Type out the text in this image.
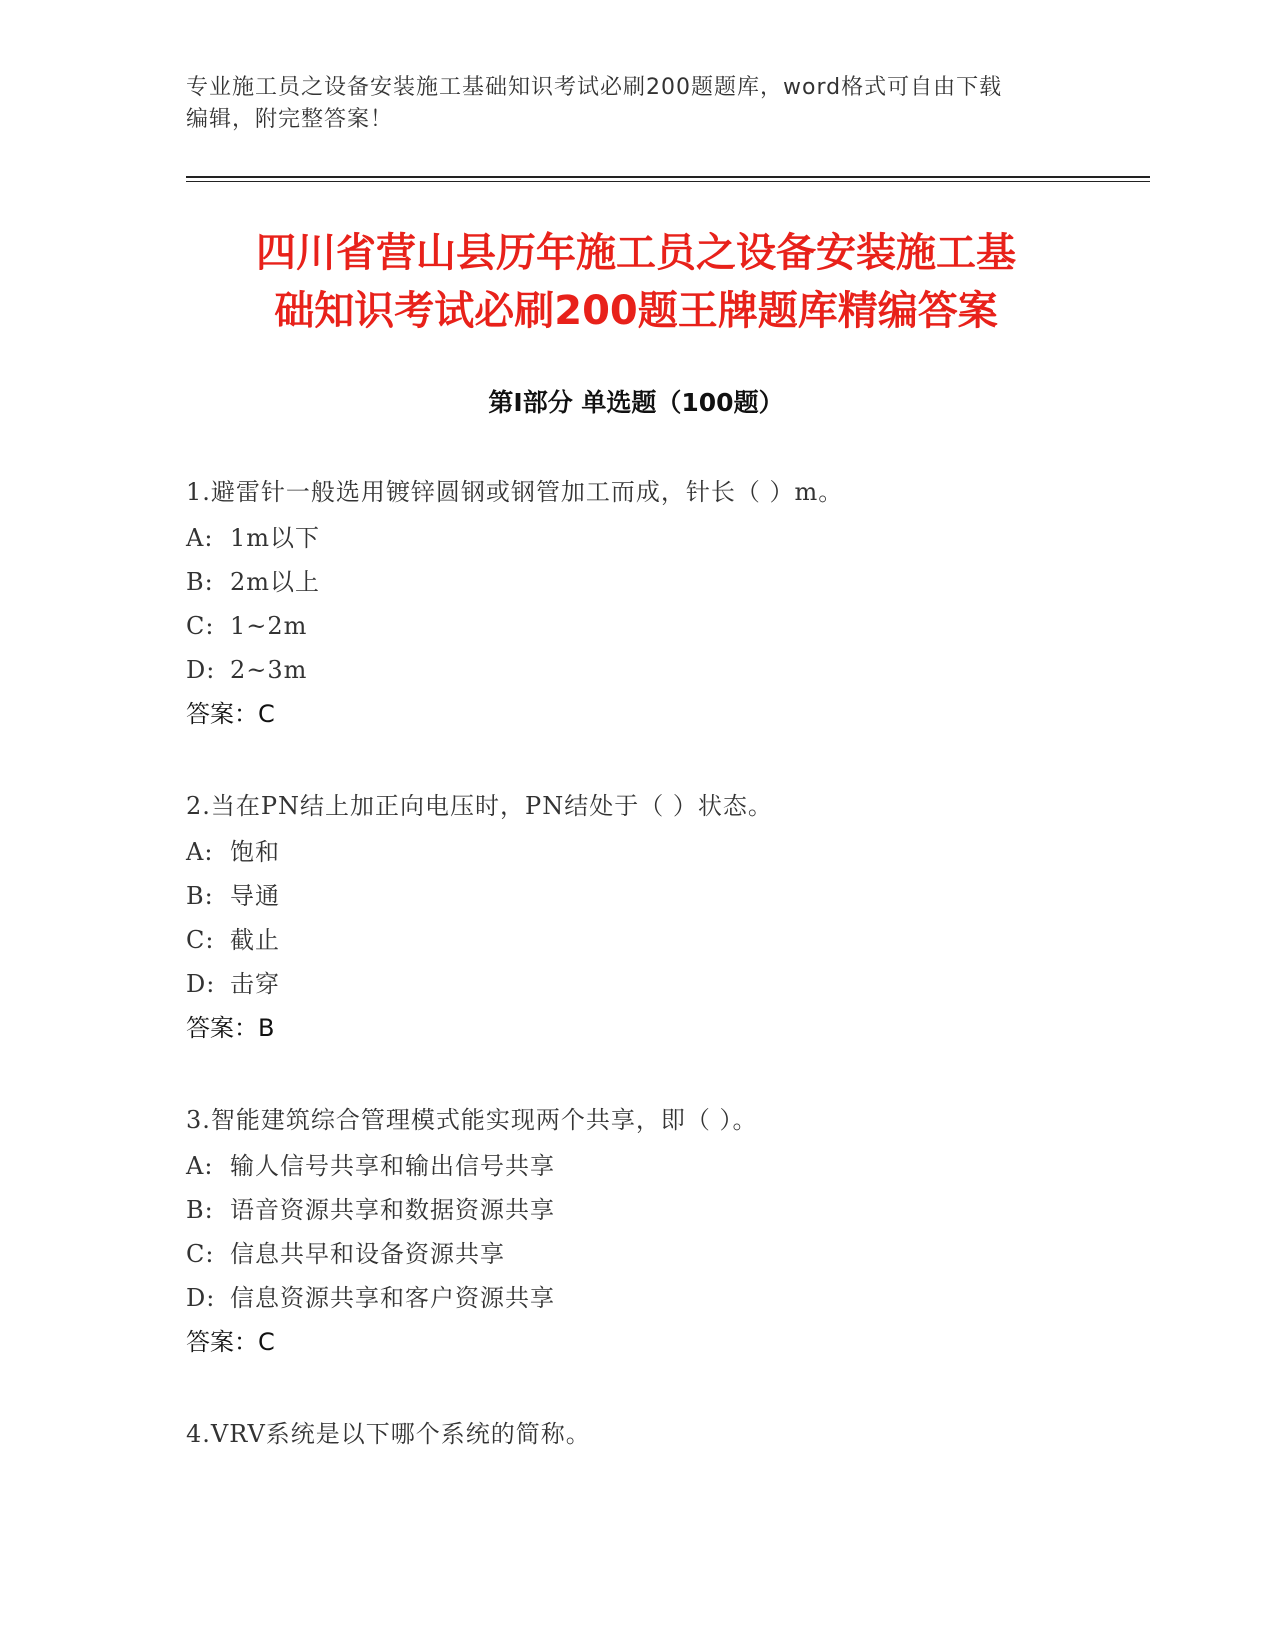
专业施工员之设备安装施工基础知识考试必刷200题题库，word格式可自由下载
编辑，附完整答案！
四川省营山县历年施工员之设备安装施工基
础知识考试必刷200题王牌题库精编答案
第Ⅰ部分 单选题（100题）
1.避雷针一般选用镀锌圆钢或钢管加工而成，针长（ ）m。
A: 1m以下
B: 2m以上
C: 1~2m
D: 2~3m
答案：C
2.当在PN结上加正向电压时，PN结处于（ ）状态。
A: 饱和
B: 导通
C: 截止
D: 击穿
答案：B
3.智能建筑综合管理模式能实现两个共享，即（ ）。
A: 输人信号共享和输出信号共享
B: 语音资源共享和数据资源共享
C: 信息共早和设备资源共享
D: 信息资源共享和客户资源共享
答案：C
4.VRV系统是以下哪个系统的简称。
